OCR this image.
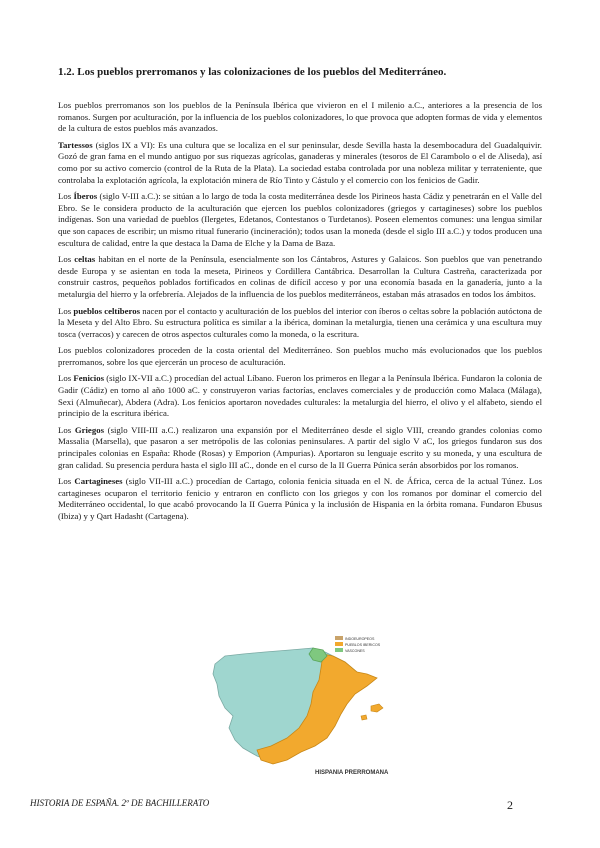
1.2. Los pueblos prerromanos y las colonizaciones de los pueblos del Mediterráneo.

Los pueblos prerromanos son los pueblos de la Península Ibérica que vivieron en el I milenio a.C., anteriores a la presencia de los romanos. Surgen por aculturación, por la influencia de los pueblos colonizadores, lo que provoca que adopten formas de vida y elementos de la cultura de estos pueblos más avanzados.

Tartessos (siglos IX a VI): Es una cultura que se localiza en el sur peninsular, desde Sevilla hasta la desembocadura del Guadalquivir. Gozó de gran fama en el mundo antiguo por sus riquezas agrícolas, ganaderas y minerales (tesoros de El Carambolo o el de Aliseda), así como por su activo comercio (control de la Ruta de la Plata). La sociedad estaba controlada por una nobleza militar y terrateniente, que controlaba la explotación agrícola, la explotación minera de Río Tinto y Cástulo y el comercio con los fenicios de Gadir.

Los Íberos (siglo V-III a.C.): se sitúan a lo largo de toda la costa mediterránea desde los Pirineos hasta Cádiz y penetrarán en el Valle del Ebro. Se le considera producto de la aculturación que ejercen los pueblos colonizadores (griegos y cartagineses) sobre los pueblos indígenas. Son una variedad de pueblos (Ilergetes, Edetanos, Contestanos o Turdetanos). Poseen elementos comunes: una lengua similar que son capaces de escribir; un mismo ritual funerario (incineración); todos usan la moneda (desde el siglo III a.C.) y todos producen una escultura de calidad, entre la que destaca la Dama de Elche y la Dama de Baza.

Los celtas habitan en el norte de la Península, esencialmente son los Cántabros, Astures y Galaicos. Son pueblos que van penetrando desde Europa y se asientan en toda la meseta, Pirineos y Cordillera Cantábrica. Desarrollan la Cultura Castreña, caracterizada por construir castros, pequeños poblados fortificados en colinas de difícil acceso y por una economía basada en la ganadería, junto a la metalurgia del hierro y la orfebrería. Alejados de la influencia de los pueblos mediterráneos, estaban más atrasados en todos los ámbitos.

Los pueblos celtíberos nacen por el contacto y aculturación de los pueblos del interior con íberos o celtas sobre la población autóctona de la Meseta y del Alto Ebro. Su estructura política es similar a la ibérica, dominan la metalurgia, tienen una cerámica y una escultura muy tosca (verracos) y carecen de otros aspectos culturales como la moneda, o la escritura.

Los pueblos colonizadores proceden de la costa oriental del Mediterráneo. Son pueblos mucho más evolucionados que los pueblos prerromanos, sobre los que ejercerán un proceso de aculturación.

Los Fenicios (siglo IX-VII a.C.) procedían del actual Líbano. Fueron los primeros en llegar a la Península Ibérica. Fundaron la colonia de Gadir (Cádiz) en torno al año 1000 aC. y construyeron varias factorías, enclaves comerciales y de producción como Malaca (Málaga), Sexi (Almuñecar), Abdera (Adra). Los fenicios aportaron novedades culturales: la metalurgia del hierro, el olivo y el alfabeto, siendo el principio de la escritura ibérica.

Los Griegos (siglo VIII-III a.C.) realizaron una expansión por el Mediterráneo desde el siglo VIII, creando grandes colonias como Massalia (Marsella), que pasaron a ser metrópolis de las colonias peninsulares. A partir del siglo V aC, los griegos fundaron sus dos principales colonias en España: Rhode (Rosas) y Emporion (Ampurias). Aportaron su lenguaje escrito y su moneda, y una escultura de gran calidad. Su presencia perdura hasta el siglo III aC., donde en el curso de la II Guerra Púnica serán absorbidos por los romanos.

Los Cartagineses (siglo VII-III a.C.) procedían de Cartago, colonia fenicia situada en el N. de África, cerca de la actual Túnez. Los cartagineses ocuparon el territorio fenicio y entraron en conflicto con los griegos y con los romanos por dominar el comercio del Mediterráneo occidental, lo que acabó provocando la II Guerra Púnica y la inclusión de Hispania en la órbita romana. Fundaron Ebusus (Ibiza) y y Qart Hadasht (Cartagena).

INDOEUROPEOS
PUEBLOS IBERICOS
VASCONES
HISPANIA PRERROMANA
HISTORIA DE ESPAÑA. 2º DE BACHILLERATO	2
